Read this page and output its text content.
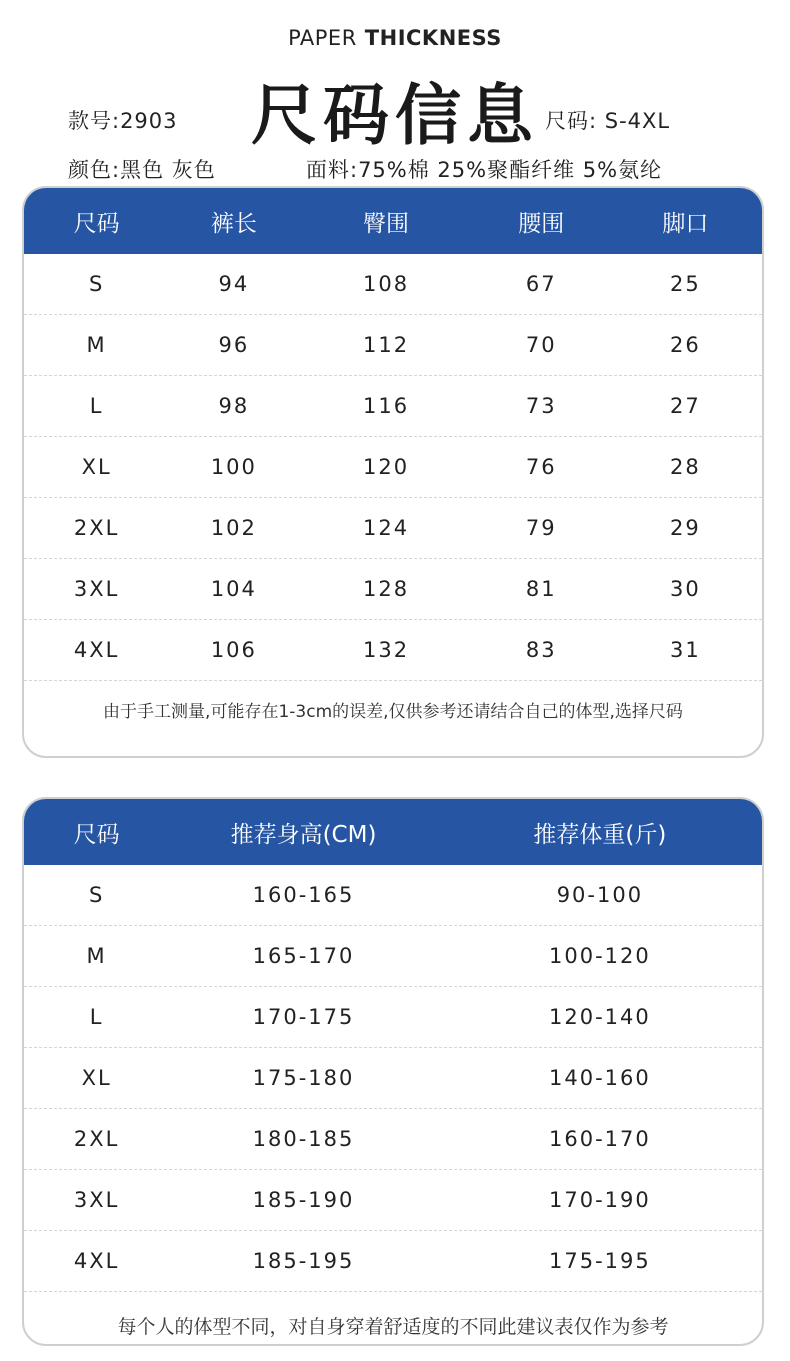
PAPER THICKNESS
尺码信息
款号:2903	尺码: S-4XL
颜色:黑色 灰色	面料:75%棉 25%聚酯纤维 5%氨纶
尺码	裤长	臀围	腰围	脚口
S	94	108	67	25
M	96	112	70	26
L	98	116	73	27
XL	100	120	76	28
2XL	102	124	79	29
3XL	104	128	81	30
4XL	106	132	83	31
由于手工测量,可能存在1-3cm的误差,仅供参考还请结合自己的体型,选择尺码
尺码	推荐身高(CM)	推荐体重(斤)
S	160-165	90-100
M	165-170	100-120
L	170-175	120-140
XL	175-180	140-160
2XL	180-185	160-170
3XL	185-190	170-190
4XL	185-195	175-195
每个人的体型不同，对自身穿着舒适度的不同此建议表仅作为参考
